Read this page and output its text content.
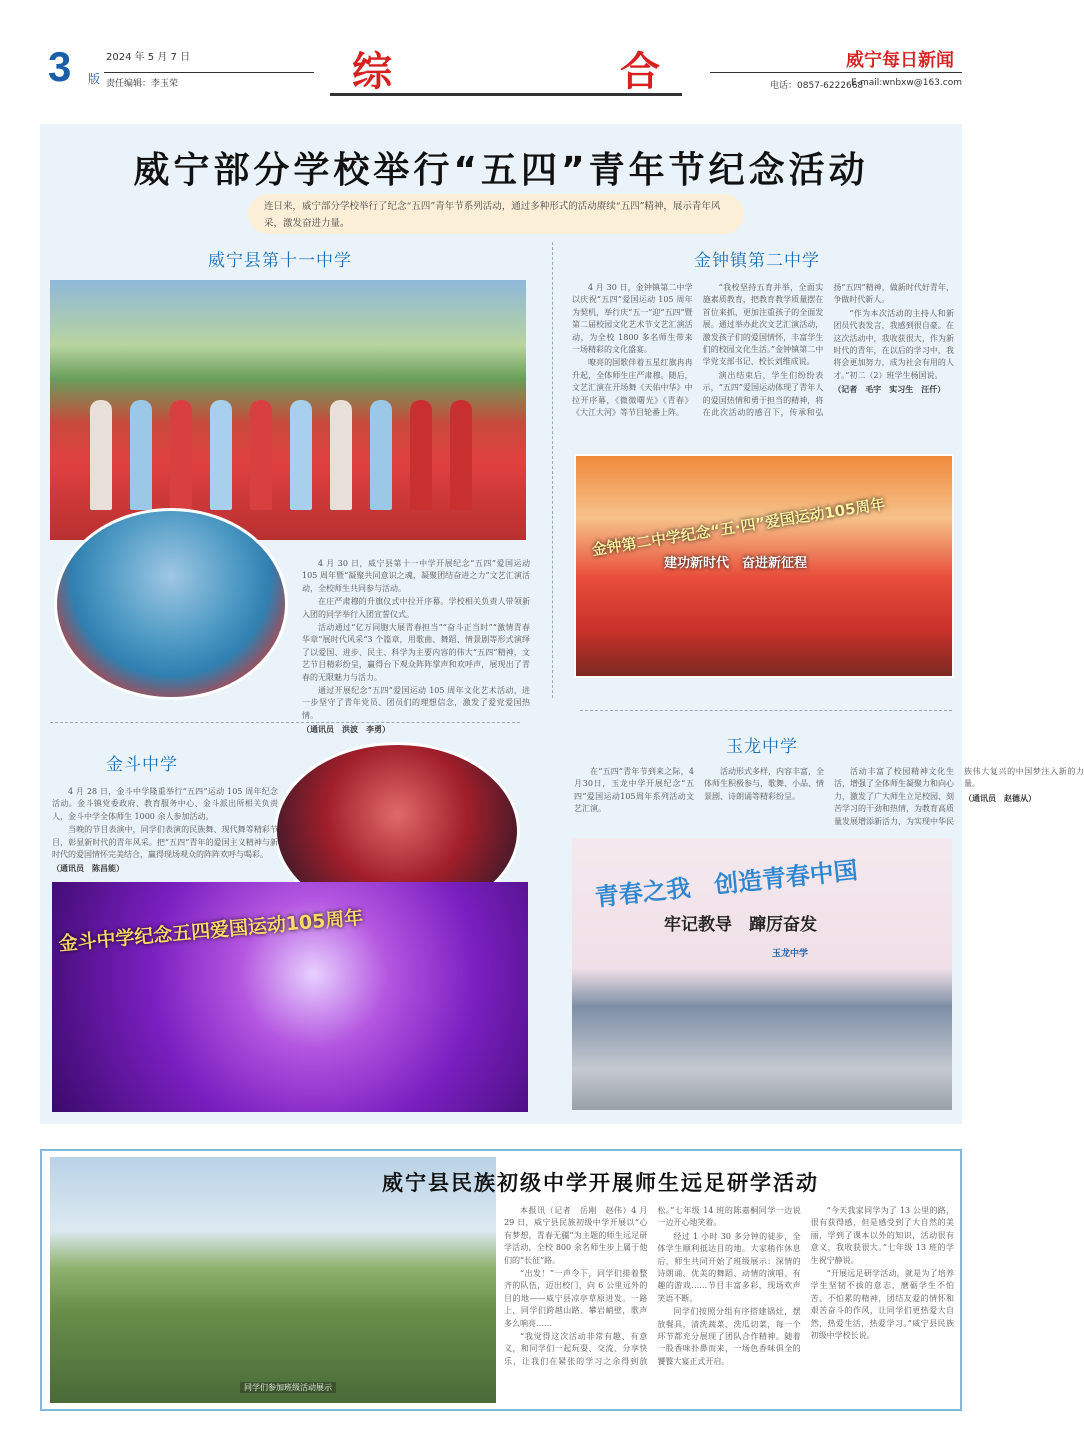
3 版
2024 年 5 月 7 日
责任编辑：李玉荣	综	合	威宁每日新闻
电话：0857-6222668
E-mail:wnbxw@163.com
威宁部分学校举行“五四”青年节纪念活动
连日来，威宁部分学校举行了纪念“五四”青年节系列活动，通过多种形式的活动赓续“五四”精神，展示青年风采，激发奋进力量。
威宁县第十一中学

4 月 30 日，威宁县第十一中学开展纪念“五四”爱国运动 105 周年暨“凝聚共同意识之魂，凝聚团结奋进之力”文艺汇演活动，全校师生共同参与活动。

在庄严肃穆的升旗仪式中拉开序幕。学校相关负责人带领新入团的同学举行入团宣誓仪式。

活动通过“亿万同胞大展青春担当”“奋斗正当时”“激情青春华章”展时代风采“3 个篇章，用歌曲、舞蹈、情景剧等形式演绎了以爱国、进步、民主、科学为主要内容的伟大“五四”精神，文艺节目精彩纷呈，赢得台下观众阵阵掌声和欢呼声，展现出了青春的无限魅力与活力。

通过开展纪念“五四”爱国运动 105 周年文化艺术活动，进一步坚守了青年党员、团员们的理想信念，激发了爱党爱国热情。

（通讯员　洪波　李勇）
金钟镇第二中学

4 月 30 日，金钟镇第二中学以庆祝“五四”爱国运动 105 周年为契机，举行庆“五一”迎“五四”暨第二届校园文化艺术节文艺汇演活动，为全校 1800 多名师生带来一场精彩的文化盛宴。

嘹亮的国歌伴着五星红旗冉冉升起，全体师生庄严肃穆。随后，文艺汇演在开场舞《天佑中华》中拉开序幕，《微微曙光》《青春》《大江大河》等节目轮番上阵。

“我校坚持五育并举，全面实施素质教育，把教育教学质量摆在首位来抓，更加注重孩子的全面发展。通过举办此次文艺汇演活动，激发孩子们的爱国情怀，丰富学生们的校园文化生活。”金钟镇第二中学党支部书记、校长刘维成说。

演出结束后，学生们纷纷表示，“五四”爱国运动体现了青年人的爱国热情和勇于担当的精神，将在此次活动的感召下，传承和弘扬“五四”精神，做新时代好青年，争做时代新人。

“作为本次活动的主持人和新团员代表发言，我感到很自豪。在这次活动中，我收获很大，作为新时代的青年，在以后的学习中，我将会更加努力，成为社会有用的人才。”初二（2）班学生杨国说。

（记者　毛宇　实习生　汪仟）
金钟第二中学纪念“五·四”爱国运动105周年
建功新时代　奋进新征程
金斗中学

4 月 28 日，金斗中学隆重举行“五四”运动 105 周年纪念活动。金斗镇党委政府、教育服务中心、金斗派出所相关负责人，金斗中学全体师生 1000 余人参加活动。

当晚的节目表演中，同学们表演的民族舞、现代舞等精彩节目，彰显新时代的青年风采。把“五四”青年的爱国主义精神与新时代的爱国情怀完美结合，赢得现场观众的阵阵欢呼与喝彩。

（通讯员　陈昌能）
金斗中学纪念五四爱国运动105周年
玉龙中学

在“五四”青年节到来之际，4月30日，玉龙中学开展纪念“五四”爱国运动105周年系列活动文艺汇演。

活动形式多样，内容丰富，全体师生积极参与，歌舞、小品、情景剧、诗朗诵等精彩纷呈。

活动丰富了校园精神文化生活，增强了全体师生凝聚力和向心力，激发了广大师生立足校园、刻苦学习的干劲和热情，为教育高质量发展增添新活力，为实现中华民族伟大复兴的中国梦注入新的力量。

（通讯员　赵德从）
青春之我　创造青春中国
牢记教导　蹿厉奋发
玉龙中学
同学们参加班级活动展示
威宁县民族初级中学开展师生远足研学活动

本报讯（记者　岳刚　赵伟）4 月 29 日，威宁县民族初级中学开展以“心有梦想，青春无疆”为主题的师生远足研学活动，全校 800 余名师生步上属于他们的“长征”路。

“出发！”一声令下，同学们排着整齐的队伍，迈出校门，向 6 公里远外的目的地——威宁县凉亭草原进发。一路上，同学们跨越山路、攀岩峭壁，歌声多么响亮……

“我觉得这次活动非常有趣、有意义，和同学们一起玩耍、交流、分享快乐，让我们在紧张的学习之余得到放松。”七年级 14 班的陈嘉桐同学一边说一边开心地笑着。

经过 1 小时 30 多分钟的徒步，全体学生顺利抵达目的地。大家稍作休息后，师生共同开始了班级展示：深情的诗朗诵、优美的舞蹈、动情的演唱、有趣的游戏……节目丰富多彩，现场欢声笑语不断。

同学们按照分组有序搭建锅灶，摆放餐具，清洗蔬菜、洗瓜切菜，每一个环节都充分展现了团队合作精神。随着一股香味扑鼻而来，一场色香味俱全的饕餮大宴正式开启。

“今天我家同学为了 13 公里的路，很有获得感，但是感受到了大自然的美丽，学到了课本以外的知识，活动很有意义，我收获很大。”七年级 13 班的学生祝宁静说。

“开展远足研学活动，就是为了培养学生坚韧不拔的意志，磨砺学生不怕苦、不怕累的精神，团结友爱的情怀和艰苦奋斗的作风，让同学们更热爱大自然，热爱生活，热爱学习。”威宁县民族初级中学校长说。
